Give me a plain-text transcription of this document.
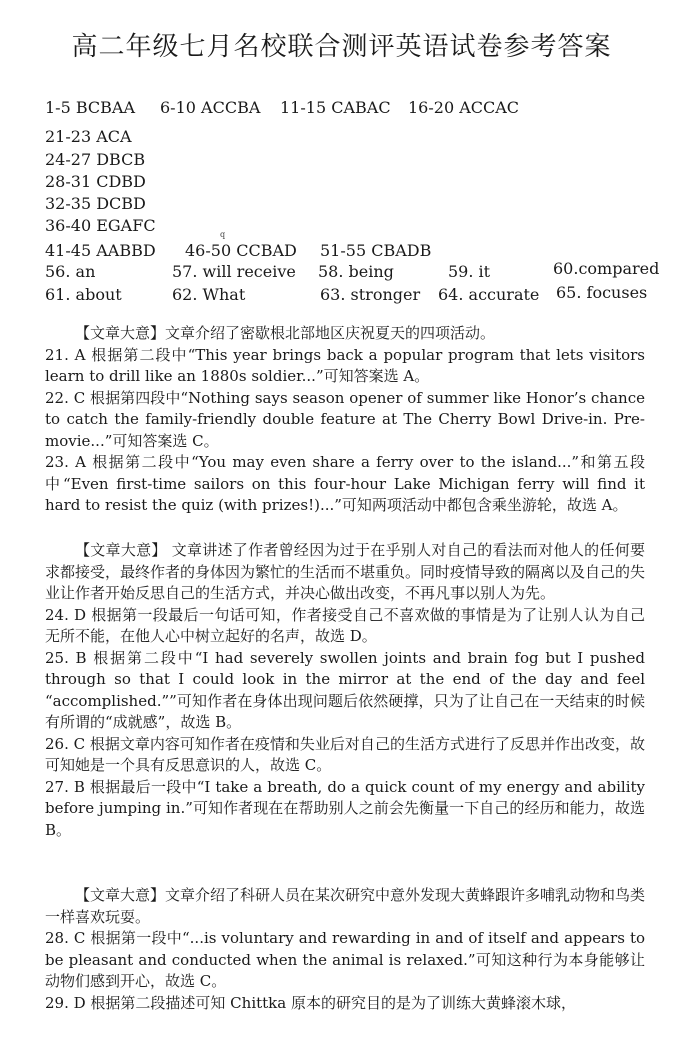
高二年级七月名校联合测评英语试卷参考答案
1-5 BCBAA 6-10 ACCBA 11-15 CABAC 16-20 ACCAC
21-23 ACA
24-27 DBCB
28-31 CDBD
32-35 DCBD
36-40 EGAFC	q
41-45 AABBD 46-50 CCBAD 51-55 CBADB
56. an	57. will receive 58. being	59. it	60.compared
61. about	62. What	63. stronger 64. accurate 65. focuses

【文章大意】文章介绍了密歇根北部地区庆祝夏天的四项活动。

21. A 根据第二段中“This year brings back a popular program that lets visitors learn to drill like an 1880s soldier...”可知答案选 A。

22. C 根据第四段中“Nothing says season opener of summer like Honor’s chance to catch the family-friendly double feature at The Cherry Bowl Drive-in. Pre-movie...”可知答案选 C。

23. A 根据第二段中“You may even share a ferry over to the island...”和第五段中“Even first-time sailors on this four-hour Lake Michigan ferry will find it hard to resist the quiz (with prizes!)...”可知两项活动中都包含乘坐游轮，故选 A。

【文章大意】 文章讲述了作者曾经因为过于在乎别人对自己的看法而对他人的任何要求都接受，最终作者的身体因为繁忙的生活而不堪重负。同时疫情导致的隔离以及自己的失业让作者开始反思自己的生活方式，并决心做出改变，不再凡事以别人为先。

24. D 根据第一段最后一句话可知，作者接受自己不喜欢做的事情是为了让别人认为自己无所不能，在他人心中树立起好的名声，故选 D。

25. B 根据第二段中“I had severely swollen joints and brain fog but I pushed through so that I could look in the mirror at the end of the day and feel “accomplished.””可知作者在身体出现问题后依然硬撑，只为了让自己在一天结束的时候有所谓的“成就感”，故选 B。

26. C 根据文章内容可知作者在疫情和失业后对自己的生活方式进行了反思并作出改变，故可知她是一个具有反思意识的人，故选 C。

27. B 根据最后一段中“I take a breath, do a quick count of my energy and ability before jumping in.”可知作者现在在帮助别人之前会先衡量一下自己的经历和能力，故选 B。

【文章大意】文章介绍了科研人员在某次研究中意外发现大黄蜂跟许多哺乳动物和鸟类一样喜欢玩耍。

28. C 根据第一段中“...is voluntary and rewarding in and of itself and appears to be pleasant and conducted when the animal is relaxed.”可知这种行为本身能够让动物们感到开心，故选 C。

29. D 根据第二段描述可知 Chittka 原本的研究目的是为了训练大黄蜂滚木球，
